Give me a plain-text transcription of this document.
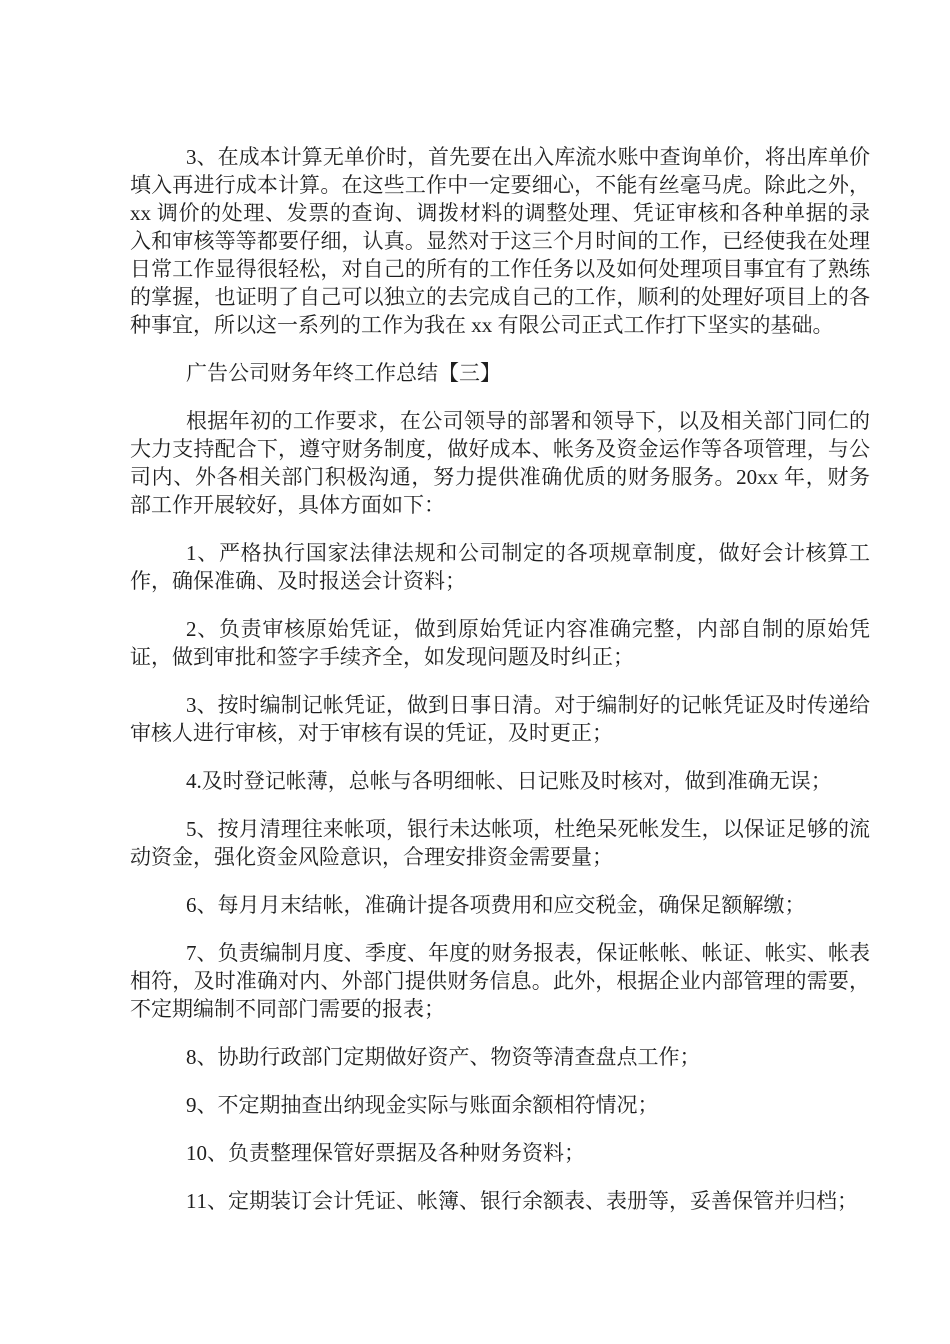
3、在成本计算无单价时，首先要在出入库流水账中查询单价，将出库单价填入再进行成本计算。在这些工作中一定要细心，不能有丝毫马虎。除此之外，xx 调价的处理、发票的查询、调拨材料的调整处理、凭证审核和各种单据的录入和审核等等都要仔细，认真。显然对于这三个月时间的工作，已经使我在处理日常工作显得很轻松，对自己的所有的工作任务以及如何处理项目事宜有了熟练的掌握，也证明了自己可以独立的去完成自己的工作，顺利的处理好项目上的各种事宜，所以这一系列的工作为我在 xx 有限公司正式工作打下坚实的基础。

广告公司财务年终工作总结【三】

根据年初的工作要求，在公司领导的部署和领导下，以及相关部门同仁的大力支持配合下，遵守财务制度，做好成本、帐务及资金运作等各项管理，与公司内、外各相关部门积极沟通，努力提供准确优质的财务服务。20xx 年，财务部工作开展较好，具体方面如下：

1、严格执行国家法律法规和公司制定的各项规章制度，做好会计核算工作，确保准确、及时报送会计资料；

2、负责审核原始凭证，做到原始凭证内容准确完整，内部自制的原始凭证，做到审批和签字手续齐全，如发现问题及时纠正；

3、按时编制记帐凭证，做到日事日清。对于编制好的记帐凭证及时传递给审核人进行审核，对于审核有误的凭证，及时更正；

4.及时登记帐薄，总帐与各明细帐、日记账及时核对，做到准确无误；

5、按月清理往来帐项，银行未达帐项，杜绝呆死帐发生，以保证足够的流动资金，强化资金风险意识，合理安排资金需要量；

6、每月月末结帐，准确计提各项费用和应交税金，确保足额解缴；

7、负责编制月度、季度、年度的财务报表，保证帐帐、帐证、帐实、帐表相符，及时准确对内、外部门提供财务信息。此外，根据企业内部管理的需要，不定期编制不同部门需要的报表；

8、协助行政部门定期做好资产、物资等清查盘点工作；

9、不定期抽查出纳现金实际与账面余额相符情况；

10、负责整理保管好票据及各种财务资料；

11、定期装订会计凭证、帐簿、银行余额表、表册等，妥善保管并归档；
